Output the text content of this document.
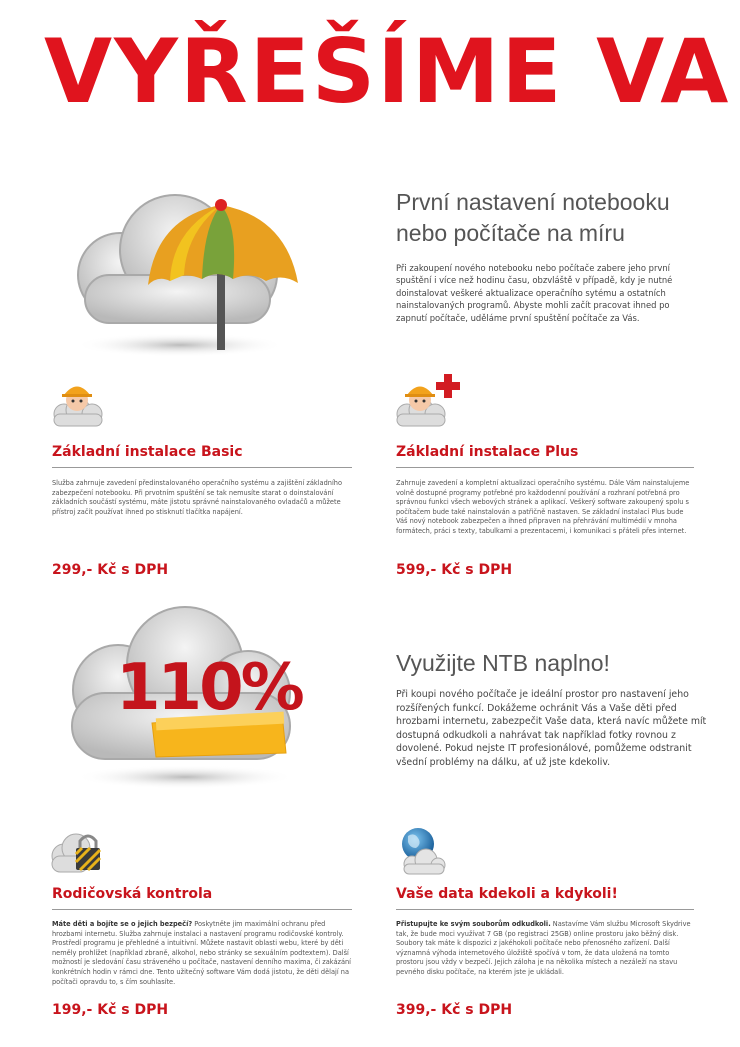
VYŘEŠÍME VA
První nastavení notebooku
nebo počítače na míru
Při zakoupení nového notebooku nebo počítače zabere jeho první spuštění i více než hodinu času, obzvláště v případě, kdy je nutné doinstalovat veškeré aktualizace operačního sytému a ostatních nainstalovaných programů. Abyste mohli začít pracovat ihned po zapnutí počítače, uděláme první spuštění počítače za Vás.
Základní instalace Basic
Služba zahrnuje zavedení předinstalovaného operačního systému a zajištění základního zabezpečení notebooku. Při prvotním spuštění se tak nemusíte starat o doinstalování základních součástí systému, máte jistotu správné nainstalovaného ovladačů a můžete přístroj začít používat ihned po stisknutí tlačítka napájení.
299,- Kč s DPH
Základní instalace Plus
Zahrnuje zavedení a kompletní aktualizaci operačního systému. Dále Vám nainstalujeme volně dostupné programy potřebné pro každodenní používání a rozhraní potřebná pro správnou funkci všech webových stránek a aplikací. Veškerý software zakoupený spolu s počítačem bude také nainstalován a patřičně nastaven. Se základní instalací Plus bude Váš nový notebook zabezpečen a ihned připraven na přehrávání multimédií v mnoha formátech, práci s texty, tabulkami a prezentacemi, i komunikaci s přáteli přes internet.
599,- Kč s DPH
110%	Využijte NTB naplno!
Při koupi nového počítače je ideální prostor pro nastavení jeho rozšířených funkcí. Dokážeme ochránit Vás a Vaše děti před hrozbami internetu, zabezpečit Vaše data, která navíc můžete mít dostupná odkudkoli a nahrávat tak například fotky rovnou z dovolené. Pokud nejste IT profesionálové, pomůžeme odstranit všední problémy na dálku, ať už jste kdekoliv.
Rodičovská kontrola
Máte děti a bojíte se o jejich bezpečí? Poskytněte jim maximální ochranu před hrozbami internetu. Služba zahrnuje instalaci a nastavení programu rodičovské kontroly. Prostředí programu je přehledné a intuitivní. Můžete nastavit oblasti webu, které by děti neměly prohlížet (například zbraně, alkohol, nebo stránky se sexuálním podtextem). Další možností je sledování času stráveného u počítače, nastavení denního maxima, či zakázání konkrétních hodin v rámci dne. Tento užitečný software Vám dodá jistotu, že děti dělají na počítači opravdu to, s čím souhlasíte.
199,- Kč s DPH
Vaše data kdekoli a kdykoli!
Přistupujte ke svým souborům odkudkoli. Nastavíme Vám službu Microsoft Skydrive tak, že bude moci využívat 7 GB (po registraci 25GB) online prostoru jako běžný disk. Soubory tak máte k dispozici z jakéhokoli počítače nebo přenosného zařízení. Další významná výhoda internetového úložiště spočívá v tom, že data uložená na tomto prostoru jsou vždy v bezpečí. Jejich záloha je na několika místech a nezáleží na stavu pevného disku počítače, na kterém jste je ukládali.
399,- Kč s DPH
